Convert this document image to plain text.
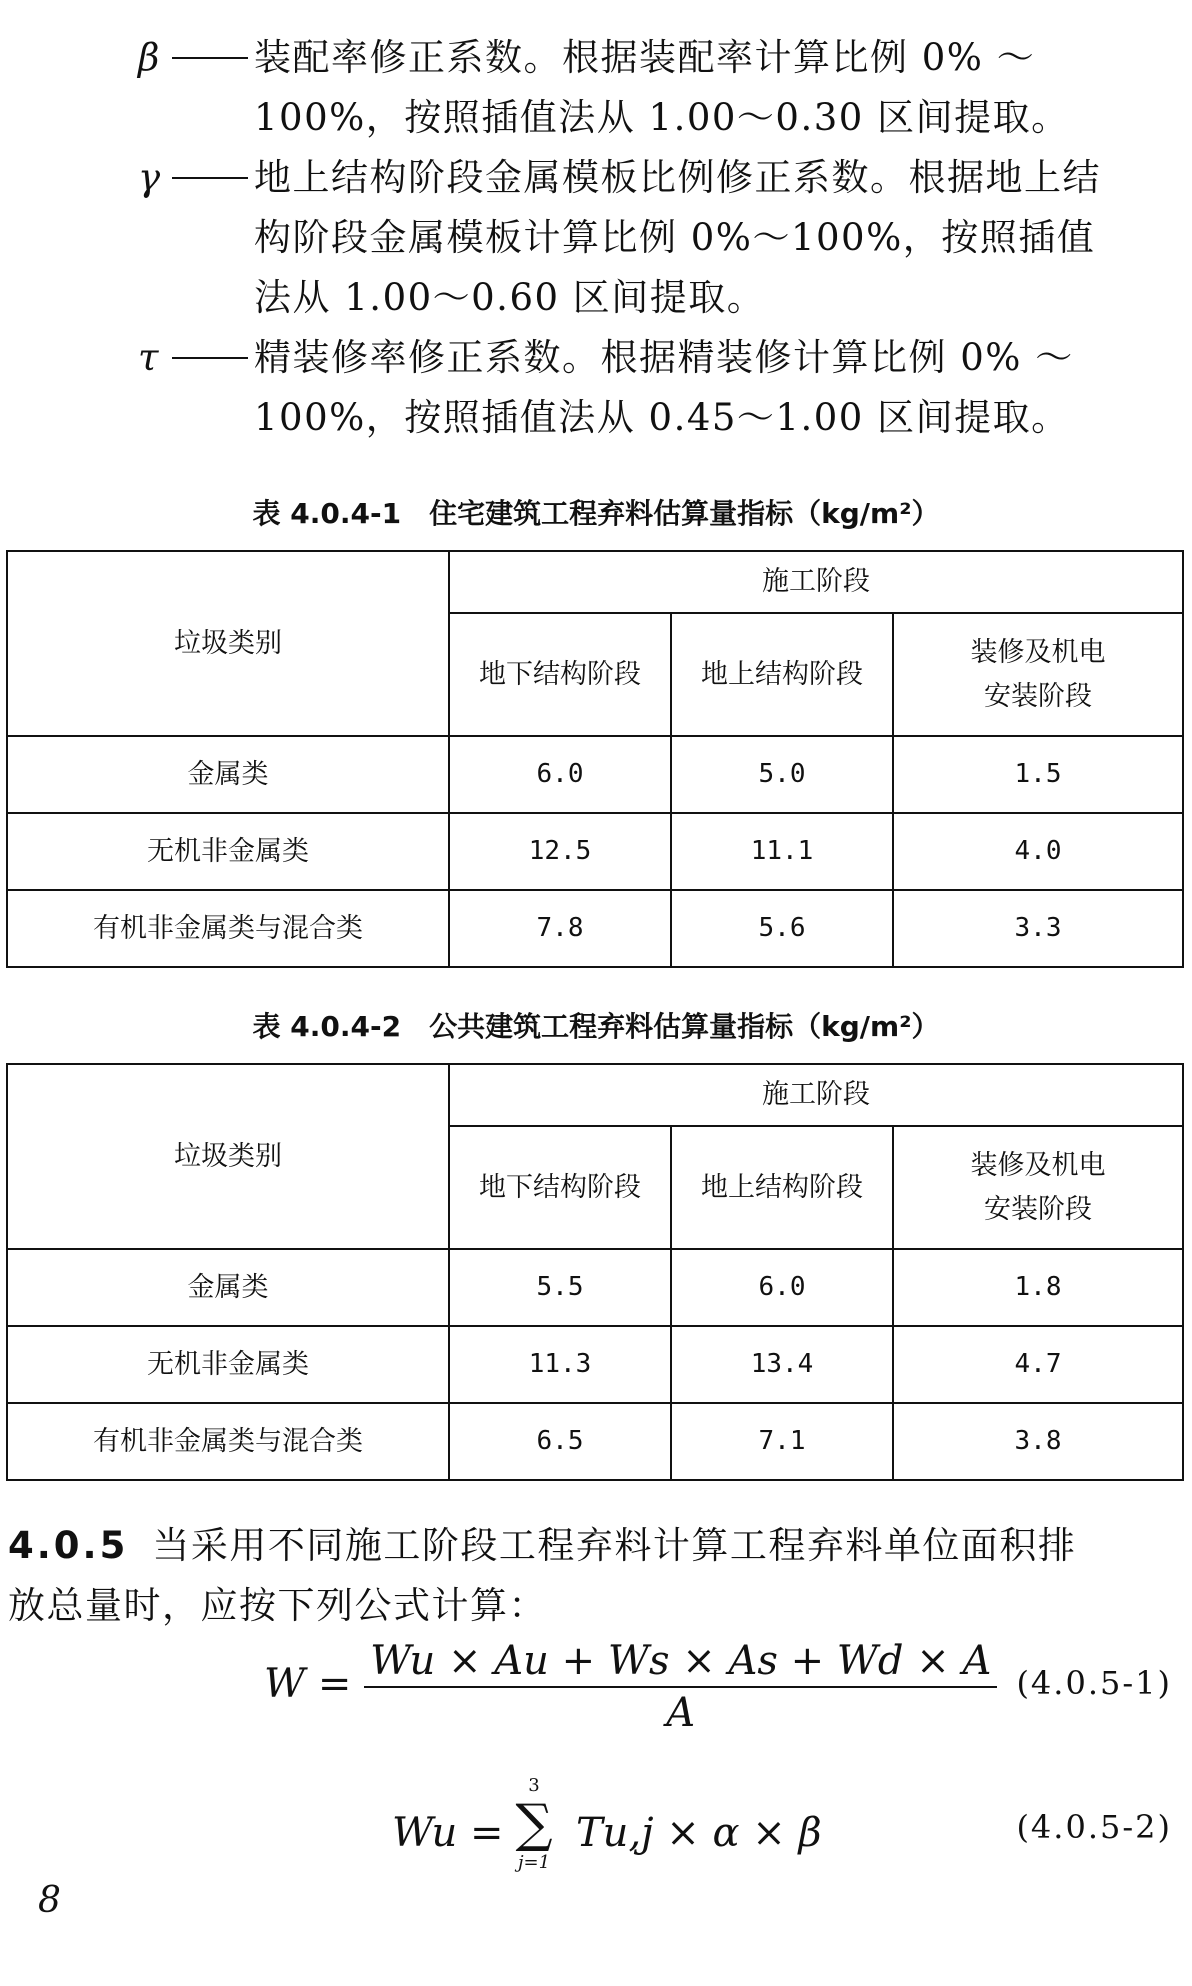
β	装配率修正系数。根据装配率计算比例 0% ～
100%，按照插值法从 1.00～0.30 区间提取。
γ	地上结构阶段金属模板比例修正系数。根据地上结
构阶段金属模板计算比例 0%～100%，按照插值
法从 1.00～0.60 区间提取。
τ	精装修率修正系数。根据精装修计算比例 0% ～
100%，按照插值法从 0.45～1.00 区间提取。
表 4.0.4-1　住宅建筑工程弃料估算量指标（kg/m²）
垃圾类别	施工阶段		
	地下结构阶段	地上结构阶段	装修及机电
安装阶段
金属类	6.0	5.0	1.5
无机非金属类	12.5	11.1	4.0
有机非金属类与混合类	7.8	5.6	3.3
表 4.0.4-2　公共建筑工程弃料估算量指标（kg/m²）
垃圾类别	施工阶段		
	地下结构阶段	地上结构阶段	装修及机电
安装阶段
金属类	5.5	6.0	1.8
无机非金属类	11.3	13.4	4.7
有机非金属类与混合类	6.5	7.1	3.8
4.0.5 当采用不同施工阶段工程弃料计算工程弃料单位面积排
放总量时，应按下列公式计算：
$W = \frac{Wu \times Au + Ws \times As + Wd \times A}{A} (4.0.5-1)$
Wu =
3
∑
j=1
Tu,j × α × β	(4.0.5-2)
8
